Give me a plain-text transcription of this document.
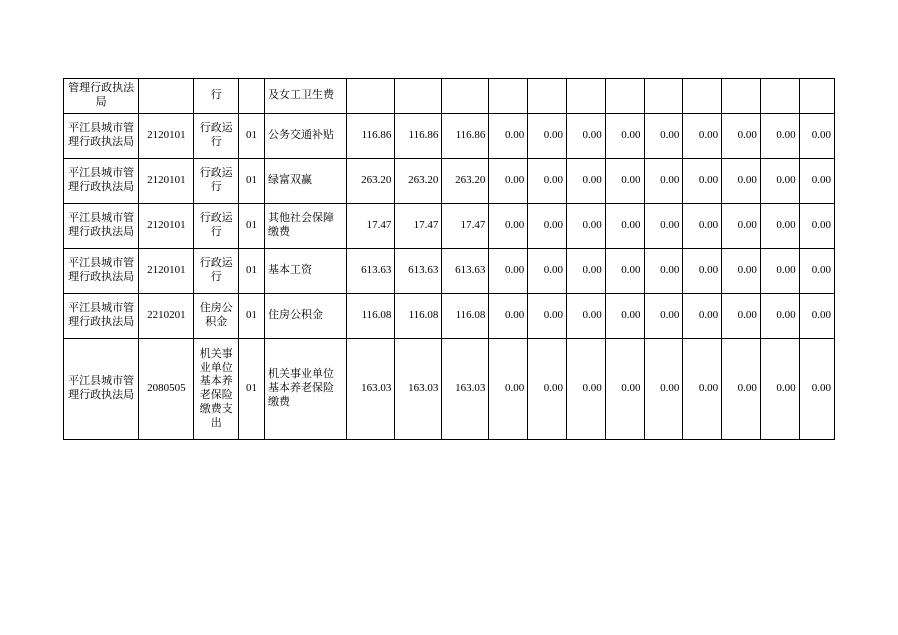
管理行政执法局		行		及女工卫生费												
平江县城市管理行政执法局	2120101	行政运行	01	公务交通补贴	116.86	116.86	116.86	0.00	0.00	0.00	0.00	0.00	0.00	0.00	0.00	0.00
平江县城市管理行政执法局	2120101	行政运行	01	绿富双赢	263.20	263.20	263.20	0.00	0.00	0.00	0.00	0.00	0.00	0.00	0.00	0.00
平江县城市管理行政执法局	2120101	行政运行	01	其他社会保障缴费	17.47	17.47	17.47	0.00	0.00	0.00	0.00	0.00	0.00	0.00	0.00	0.00
平江县城市管理行政执法局	2120101	行政运行	01	基本工资	613.63	613.63	613.63	0.00	0.00	0.00	0.00	0.00	0.00	0.00	0.00	0.00
平江县城市管理行政执法局	2210201	住房公积金	01	住房公积金	116.08	116.08	116.08	0.00	0.00	0.00	0.00	0.00	0.00	0.00	0.00	0.00
平江县城市管理行政执法局	2080505	机关事业单位基本养老保险缴费支出	01	机关事业单位基本养老保险缴费	163.03	163.03	163.03	0.00	0.00	0.00	0.00	0.00	0.00	0.00	0.00	0.00
